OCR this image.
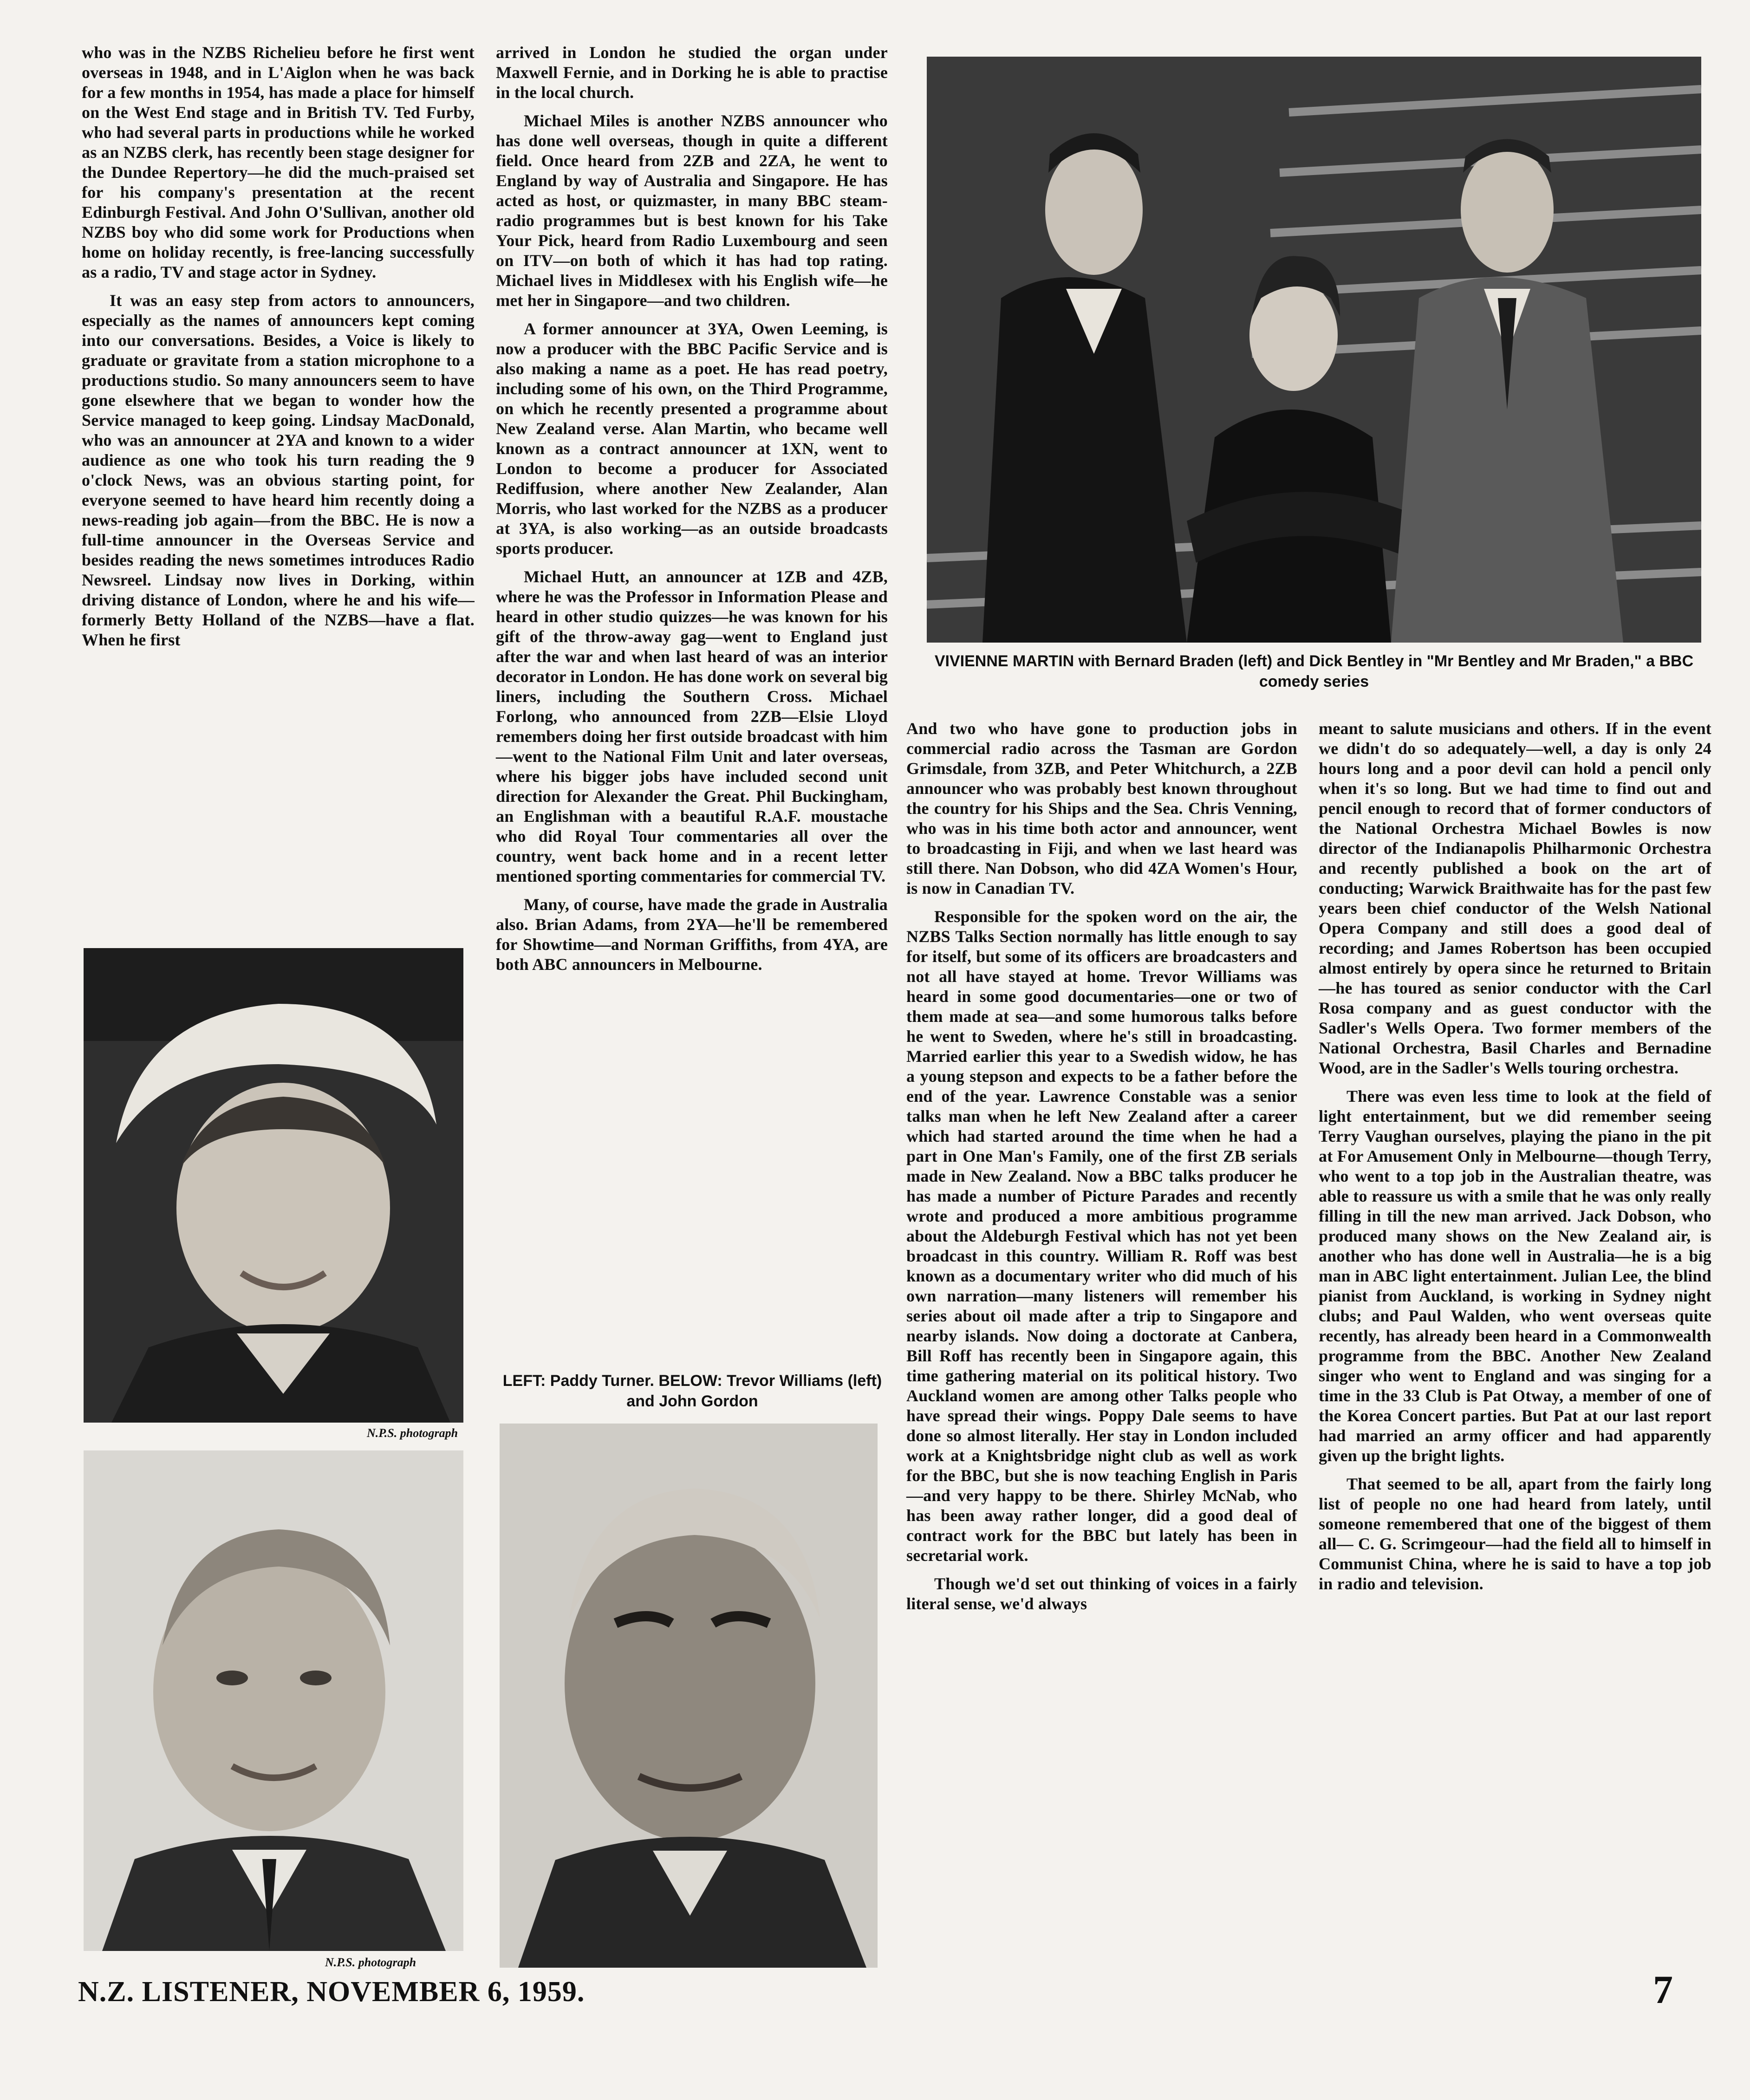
who was in the NZBS Richelieu before he first went overseas in 1948, and in L'Aiglon when he was back for a few months in 1954, has made a place for himself on the West End stage and in British TV. Ted Furby, who had several parts in productions while he worked as an NZBS clerk, has recently been stage designer for the Dundee Repertory—he did the much-praised set for his company's presentation at the recent Edinburgh Festival. And John O'Sullivan, another old NZBS boy who did some work for Productions when home on holiday recently, is free-lancing successfully as a radio, TV and stage actor in Sydney.

It was an easy step from actors to announcers, especially as the names of announcers kept coming into our conversations. Besides, a Voice is likely to graduate or gravitate from a station microphone to a productions studio. So many announcers seem to have gone elsewhere that we began to wonder how the Service managed to keep going. Lindsay MacDonald, who was an announcer at 2YA and known to a wider audience as one who took his turn reading the 9 o'clock News, was an obvious starting point, for everyone seemed to have heard him recently doing a news-reading job again—from the BBC. He is now a full-time announcer in the Overseas Service and besides reading the news sometimes introduces Radio Newsreel. Lindsay now lives in Dorking, within driving distance of London, where he and his wife—formerly Betty Holland of the NZBS—have a flat. When he first

arrived in London he studied the organ under Maxwell Fernie, and in Dorking he is able to practise in the local church.

Michael Miles is another NZBS announcer who has done well overseas, though in quite a different field. Once heard from 2ZB and 2ZA, he went to England by way of Australia and Singapore. He has acted as host, or quizmaster, in many BBC steam-radio programmes but is best known for his Take Your Pick, heard from Radio Luxembourg and seen on ITV—on both of which it has had top rating. Michael lives in Middlesex with his English wife—he met her in Singapore—and two children.

A former announcer at 3YA, Owen Leeming, is now a producer with the BBC Pacific Service and is also making a name as a poet. He has read poetry, including some of his own, on the Third Programme, on which he recently presented a programme about New Zealand verse. Alan Martin, who became well known as a contract announcer at 1XN, went to London to become a producer for Associated Rediffusion, where another New Zealander, Alan Morris, who last worked for the NZBS as a producer at 3YA, is also working—as an outside broadcasts sports producer.

Michael Hutt, an announcer at 1ZB and 4ZB, where he was the Professor in Information Please and heard in other studio quizzes—he was known for his gift of the throw-away gag—went to England just after the war and when last heard of was an interior decorator in London. He has done work on several big liners, including the Southern Cross. Michael Forlong, who announced from 2ZB—Elsie Lloyd remembers doing her first outside broadcast with him—went to the National Film Unit and later overseas, where his bigger jobs have included second unit direction for Alexander the Great. Phil Buckingham, an Englishman with a beautiful R.A.F. moustache who did Royal Tour commentaries all over the country, went back home and in a recent letter mentioned sporting commentaries for commercial TV.

Many, of course, have made the grade in Australia also. Brian Adams, from 2YA—he'll be remembered for Showtime—and Norman Griffiths, from 4YA, are both ABC announcers in Melbourne.

VIVIENNE MARTIN with Bernard Braden (left) and Dick Bentley in "Mr Bentley and Mr Braden," a BBC comedy series

And two who have gone to production jobs in commercial radio across the Tasman are Gordon Grimsdale, from 3ZB, and Peter Whitchurch, a 2ZB announcer who was probably best known throughout the country for his Ships and the Sea. Chris Venning, who was in his time both actor and announcer, went to broadcasting in Fiji, and when we last heard was still there. Nan Dobson, who did 4ZA Women's Hour, is now in Canadian TV.

Responsible for the spoken word on the air, the NZBS Talks Section normally has little enough to say for itself, but some of its officers are broadcasters and not all have stayed at home. Trevor Williams was heard in some good documentaries—one or two of them made at sea—and some humorous talks before he went to Sweden, where he's still in broadcasting. Married earlier this year to a Swedish widow, he has a young stepson and expects to be a father before the end of the year. Lawrence Constable was a senior talks man when he left New Zealand after a career which had started around the time when he had a part in One Man's Family, one of the first ZB serials made in New Zealand. Now a BBC talks producer he has made a number of Picture Parades and recently wrote and produced a more ambitious programme about the Aldeburgh Festival which has not yet been broadcast in this country. William R. Roff was best known as a documentary writer who did much of his own narration—many listeners will remember his series about oil made after a trip to Singapore and nearby islands. Now doing a doctorate at Canbera, Bill Roff has recently been in Singapore again, this time gathering material on its political history. Two Auckland women are among other Talks people who have spread their wings. Poppy Dale seems to have done so almost literally. Her stay in London included work at a Knightsbridge night club as well as work for the BBC, but she is now teaching English in Paris—and very happy to be there. Shirley McNab, who has been away rather longer, did a good deal of contract work for the BBC but lately has been in secretarial work.

Though we'd set out thinking of voices in a fairly literal sense, we'd always

meant to salute musicians and others. If in the event we didn't do so adequately—well, a day is only 24 hours long and a poor devil can hold a pencil only when it's so long. But we had time to find out and pencil enough to record that of former conductors of the National Orchestra Michael Bowles is now director of the Indianapolis Philharmonic Orchestra and recently published a book on the art of conducting; Warwick Braithwaite has for the past few years been chief conductor of the Welsh National Opera Company and still does a good deal of recording; and James Robertson has been occupied almost entirely by opera since he returned to Britain—he has toured as senior conductor with the Carl Rosa company and as guest conductor with the Sadler's Wells Opera. Two former members of the National Orchestra, Basil Charles and Bernadine Wood, are in the Sadler's Wells touring orchestra.

There was even less time to look at the field of light entertainment, but we did remember seeing Terry Vaughan ourselves, playing the piano in the pit at For Amusement Only in Melbourne—though Terry, who went to a top job in the Australian theatre, was able to reassure us with a smile that he was only really filling in till the new man arrived. Jack Dobson, who produced many shows on the New Zealand air, is another who has done well in Australia—he is a big man in ABC light entertainment. Julian Lee, the blind pianist from Auckland, is working in Sydney night clubs; and Paul Walden, who went overseas quite recently, has already been heard in a Commonwealth programme from the BBC. Another New Zealand singer who went to England and was singing for a time in the 33 Club is Pat Otway, a member of one of the Korea Concert parties. But Pat at our last report had married an army officer and had apparently given up the bright lights.

That seemed to be all, apart from the fairly long list of people no one had heard from lately, until someone remembered that one of the biggest of them all— C. G. Scrimgeour—had the field all to himself in Communist China, where he is said to have a top job in radio and television.

N.P.S. photograph
LEFT: Paddy Turner. BELOW: Trevor Williams (left) and John Gordon
N.P.S. photograph
N.Z. LISTENER, NOVEMBER 6, 1959.	7
